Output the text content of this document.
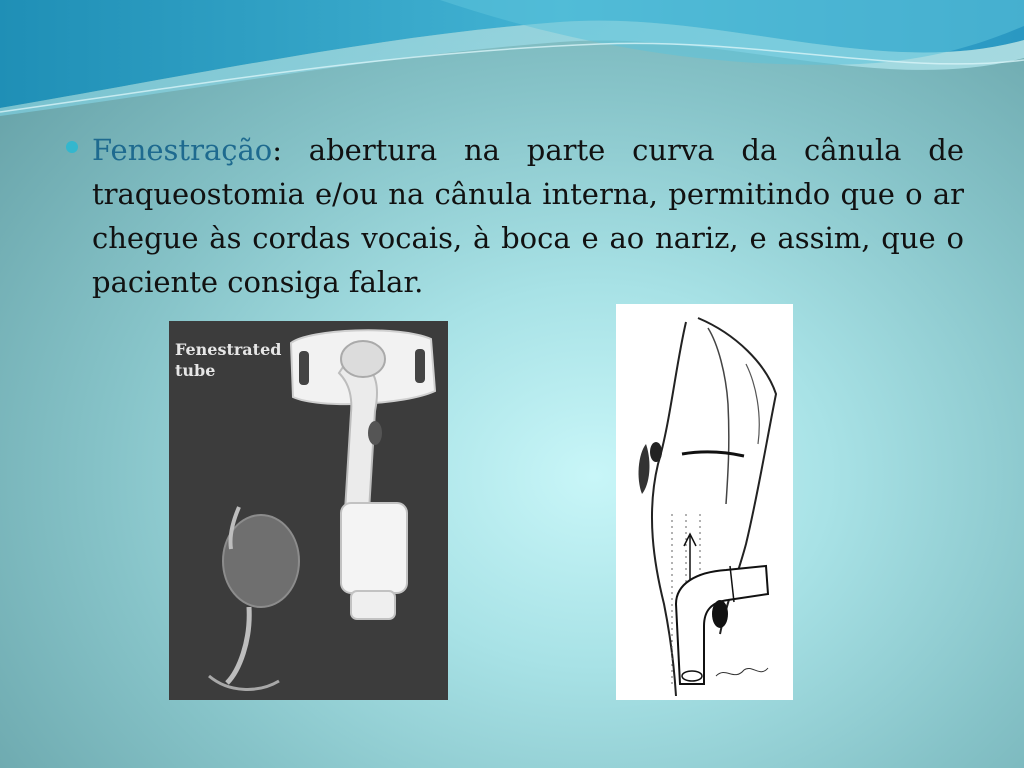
Fenestração: abertura na parte curva da cânula de traqueostomia e/ou na cânula interna, permitindo que o ar chegue às cordas vocais, à boca e ao nariz, e assim, que o paciente consiga falar.

Fenestrated
tube
